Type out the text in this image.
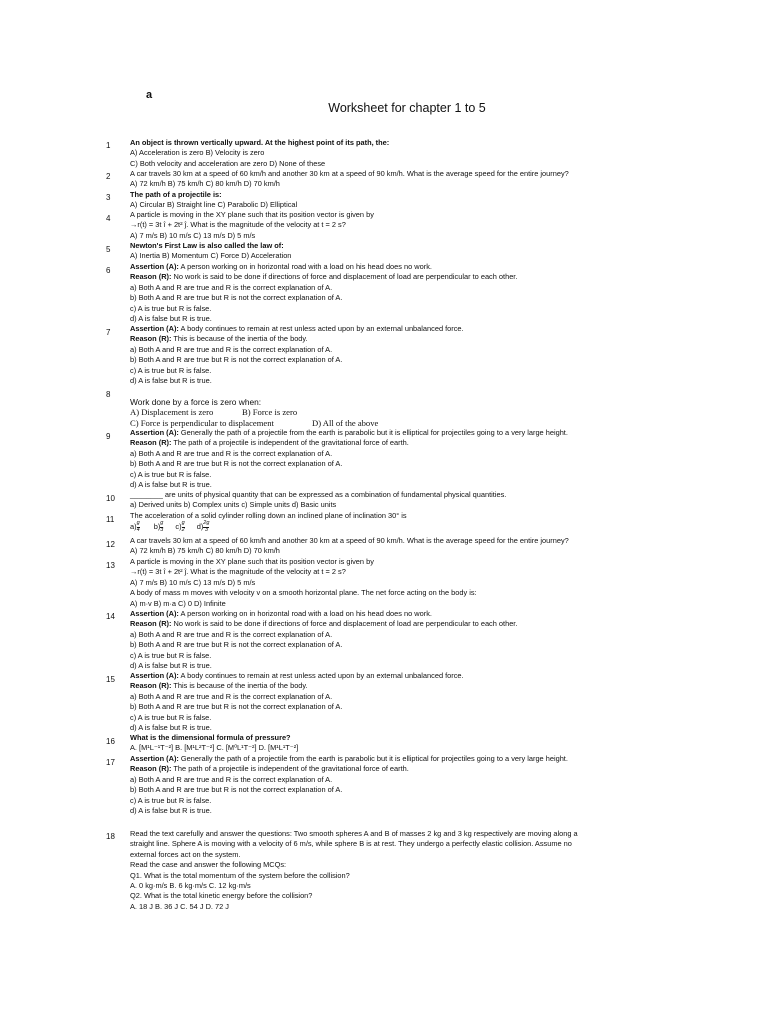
a
Worksheet for chapter 1 to 5
1	An object is thrown vertically upward. At the highest point of its path, the:
A) Acceleration is zero B) Velocity is zero
C) Both velocity and acceleration are zero D) None of these
2	A car travels 30 km at a speed of 60 km/h and another 30 km at a speed of 90 km/h. What is the average speed for the entire journey?
A) 72 km/h B) 75 km/h C) 80 km/h D) 70 km/h
3	The path of a projectile is:
A) Circular B) Straight line C) Parabolic D) Elliptical
4	A particle is moving in the XY plane such that its position vector is given by
→r(t) = 3t î + 2t² ĵ. What is the magnitude of the velocity at t = 2 s?
A) 7 m/s B) 10 m/s C) 13 m/s D) 5 m/s
5	Newton's First Law is also called the law of:
A) Inertia B) Momentum C) Force D) Acceleration
6	Assertion (A): A person working on in horizontal road with a load on his head does no work.
Reason (R): No work is said to be done if directions of force and displacement of load are perpendicular to each other.
a) Both A and R are true and R is the correct explanation of A.
b) Both A and R are true but R is not the correct explanation of A.
c) A is true but R is false.
d) A is false but R is true.
7	Assertion (A): A body continues to remain at rest unless acted upon by an external unbalanced force.
Reason (R): This is because of the inertia of the body.
a) Both A and R are true and R is the correct explanation of A.
b) Both A and R are true but R is not the correct explanation of A.
c) A is true but R is false.
d) A is false but R is true.
8
Work done by a force is zero when:
A) Displacement is zero	B) Force is zero
C) Force is perpendicular to displacement	D) All of the above
9	Assertion (A): Generally the path of a projectile from the earth is parabolic but it is elliptical for projectiles going to a very large height.
Reason (R): The path of a projectile is independent of the gravitational force of earth.
a) Both A and R are true and R is the correct explanation of A.
b) Both A and R are true but R is not the correct explanation of A.
c) A is true but R is false.
d) A is false but R is true.
10 ________ are units of physical quantity that can be expressed as a combination of fundamental physical quantities.
a) Derived units b) Complex units c) Simple units d) Basic units
11 The acceleration of a solid cylinder rolling down an inclined plane of inclination 30° is
$a) \frac{g}{4} b) \frac{g}{3} c) \frac{g}{2} d) \frac{2g}{3}$
12 A car travels 30 km at a speed of 60 km/h and another 30 km at a speed of 90 km/h. What is the average speed for the entire journey?
A) 72 km/h B) 75 km/h C) 80 km/h D) 70 km/h
13 A particle is moving in the XY plane such that its position vector is given by
→r(t) = 3t î + 2t² ĵ. What is the magnitude of the velocity at t = 2 s?
A) 7 m/s B) 10 m/s C) 13 m/s D) 5 m/s
A body of mass m moves with velocity v on a smooth horizontal plane. The net force acting on the body is:
A) m·v B) m·a C) 0 D) Infinite
14 Assertion (A): A person working on in horizontal road with a load on his head does no work.
Reason (R): No work is said to be done if directions of force and displacement of load are perpendicular to each other.
a) Both A and R are true and R is the correct explanation of A.
b) Both A and R are true but R is not the correct explanation of A.
c) A is true but R is false.
d) A is false but R is true.
15 Assertion (A): A body continues to remain at rest unless acted upon by an external unbalanced force.
Reason (R): This is because of the inertia of the body.
a) Both A and R are true and R is the correct explanation of A.
b) Both A and R are true but R is not the correct explanation of A.
c) A is true but R is false.
d) A is false but R is true.
16 What is the dimensional formula of pressure?
A. [M¹L⁻¹T⁻²] B. [M¹L²T⁻²] C. [M⁰L¹T⁻²] D. [M¹L¹T⁻²]
17 Assertion (A): Generally the path of a projectile from the earth is parabolic but it is elliptical for projectiles going to a very large height.
Reason (R): The path of a projectile is independent of the gravitational force of earth.
a) Both A and R are true and R is the correct explanation of A.
b) Both A and R are true but R is not the correct explanation of A.
c) A is true but R is false.
d) A is false but R is true.
18 Read the text carefully and answer the questions: Two smooth spheres A and B of masses 2 kg and 3 kg respectively are moving along a
straight line. Sphere A is moving with a velocity of 6 m/s, while sphere B is at rest. They undergo a perfectly elastic collision. Assume no
external forces act on the system.
Read the case and answer the following MCQs:
Q1. What is the total momentum of the system before the collision?
A. 0 kg·m/s B. 6 kg·m/s C. 12 kg·m/s
Q2. What is the total kinetic energy before the collision?
A. 18 J B. 36 J C. 54 J D. 72 J
